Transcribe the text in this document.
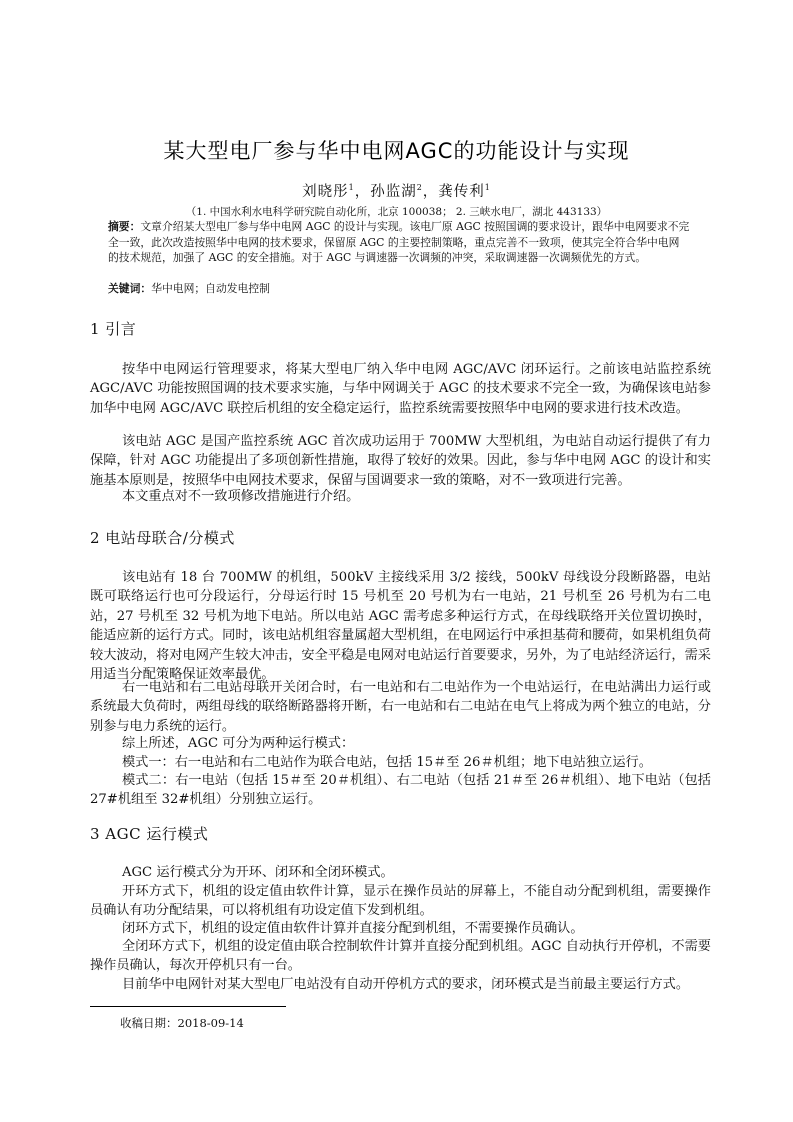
某大型电厂参与华中电网AGC的功能设计与实现
刘晓彤$^1$，孙监湖$^2$，龚传利$^1$
（1. 中国水利水电科学研究院自动化所，北京 100038； 2. 三峡水电厂，湖北 443133）

摘要：文章介绍某大型电厂参与华中电网 AGC 的设计与实现。该电厂原 AGC 按照国调的要求设计，跟华中电网要求不完全一致，此次改造按照华中电网的技术要求，保留原 AGC 的主要控制策略，重点完善不一致项，使其完全符合华中电网的技术规范，加强了 AGC 的安全措施。对于 AGC 与调速器一次调频的冲突，采取调速器一次调频优先的方式。

关键词：华中电网；自动发电控制

1 引言

按华中电网运行管理要求，将某大型电厂纳入华中电网 AGC/AVC 闭环运行。之前该电站监控系统 AGC/AVC 功能按照国调的技术要求实施，与华中网调关于 AGC 的技术要求不完全一致，为确保该电站参加华中电网 AGC/AVC 联控后机组的安全稳定运行，监控系统需要按照华中电网的要求进行技术改造。

该电站 AGC 是国产监控系统 AGC 首次成功运用于 700MW 大型机组，为电站自动运行提供了有力保障，针对 AGC 功能提出了多项创新性措施，取得了较好的效果。因此，参与华中电网 AGC 的设计和实施基本原则是，按照华中电网技术要求，保留与国调要求一致的策略，对不一致项进行完善。

本文重点对不一致项修改措施进行介绍。

2 电站母联合/分模式

该电站有 18 台 700MW 的机组，500kV 主接线采用 3/2 接线，500kV 母线设分段断路器，电站既可联络运行也可分段运行，分母运行时 15 号机至 20 号机为右一电站，21 号机至 26 号机为右二电站，27 号机至 32 号机为地下电站。所以电站 AGC 需考虑多种运行方式，在母线联络开关位置切换时，能适应新的运行方式。同时，该电站机组容量属超大型机组，在电网运行中承担基荷和腰荷，如果机组负荷较大波动，将对电网产生较大冲击，安全平稳是电网对电站运行首要要求，另外，为了电站经济运行，需采用适当分配策略保证效率最优。

右一电站和右二电站母联开关闭合时，右一电站和右二电站作为一个电站运行，在电站满出力运行或系统最大负荷时，两组母线的联络断路器将开断，右一电站和右二电站在电气上将成为两个独立的电站，分别参与电力系统的运行。

综上所述，AGC 可分为两种运行模式：

模式一：右一电站和右二电站作为联合电站，包括 15＃至 26＃机组；地下电站独立运行。

模式二：右一电站（包括 15＃至 20＃机组）、右二电站（包括 21＃至 26＃机组）、地下电站（包括 27#机组至 32#机组）分别独立运行。

3 AGC 运行模式

AGC 运行模式分为开环、闭环和全闭环模式。

开环方式下，机组的设定值由软件计算，显示在操作员站的屏幕上，不能自动分配到机组，需要操作员确认有功分配结果，可以将机组有功设定值下发到机组。

闭环方式下，机组的设定值由软件计算并直接分配到机组，不需要操作员确认。

全闭环方式下，机组的设定值由联合控制软件计算并直接分配到机组。AGC 自动执行开停机，不需要操作员确认，每次开停机只有一台。

目前华中电网针对某大型电厂电站没有自动开停机方式的要求，闭环模式是当前最主要运行方式。

收稿日期：2018-09-14
